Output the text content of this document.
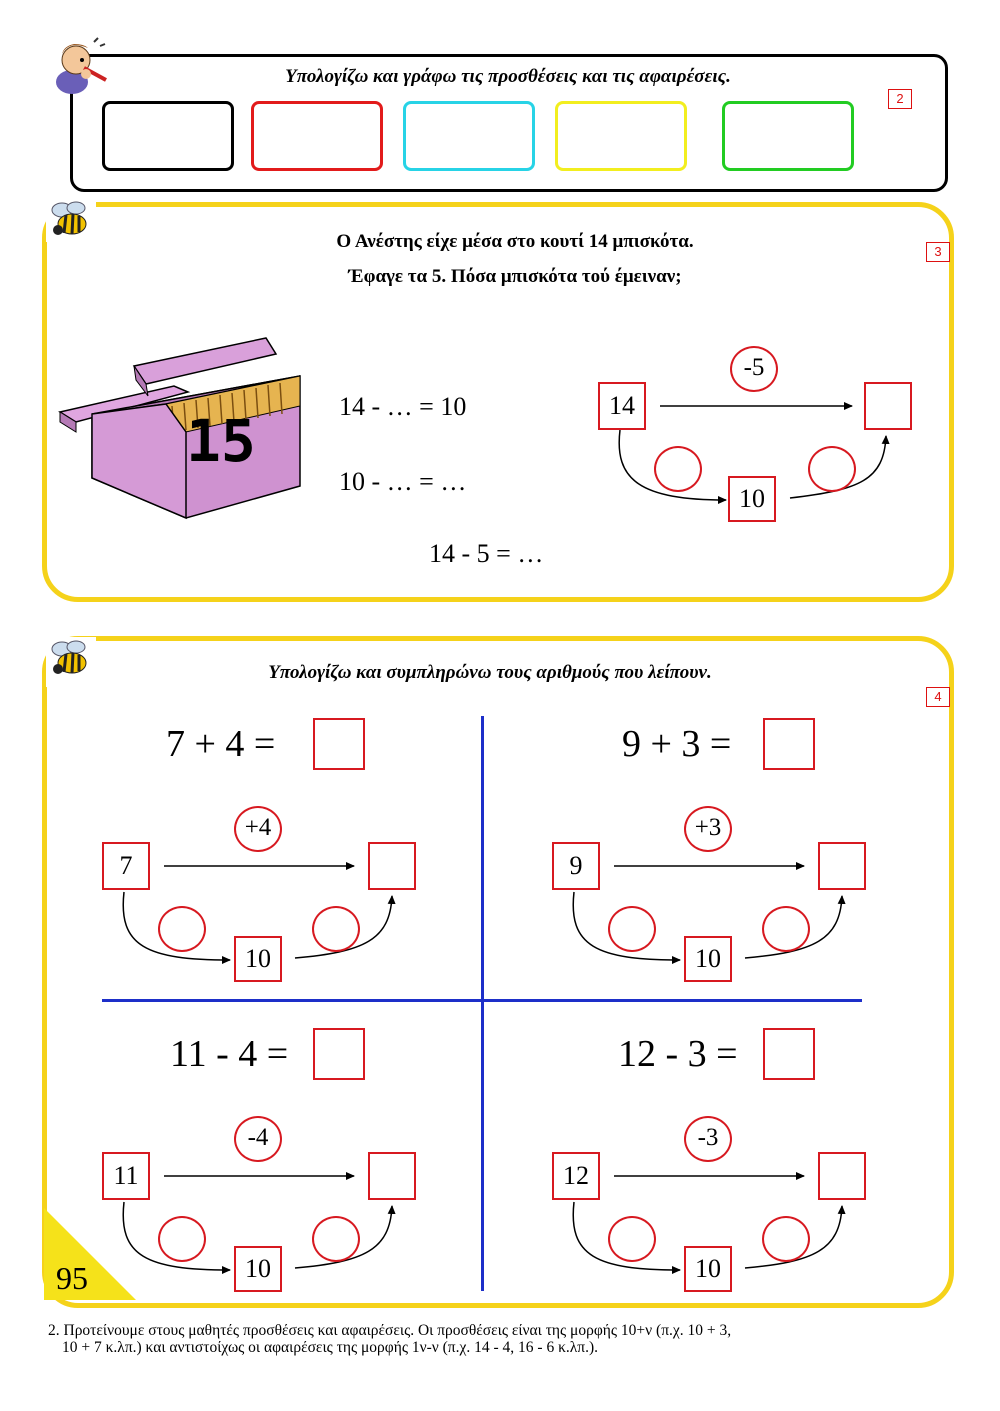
Υπολογίζω και γράφω τις προσθέσεις και τις αφαιρέσεις.
2
3
Ο Ανέστης είχε μέσα στο κουτί 14 μπισκότα.
Έφαγε τα 5. Πόσα μπισκότα τού έμειναν;
15
14 - … = 10
10 - … = …
14 - 5 = …
14
-5
10
Υπολογίζω και συμπληρώνω τους αριθμούς που λείπουν.
4
95
7 + 4 =
7
+4
10
9 + 3 =
9
+3
10
11 - 4 =
11
-4
10
12 - 3 =
12
-3
10
2. Προτείνουμε στους μαθητές προσθέσεις και αφαιρέσεις. Οι προσθέσεις είναι της μορφής 10+ν (π.χ. 10 + 3,
10 + 7 κ.λπ.) και αντιστοίχως οι αφαιρέσεις της μορφής 1ν-ν (π.χ. 14 - 4, 16 - 6 κ.λπ.).
